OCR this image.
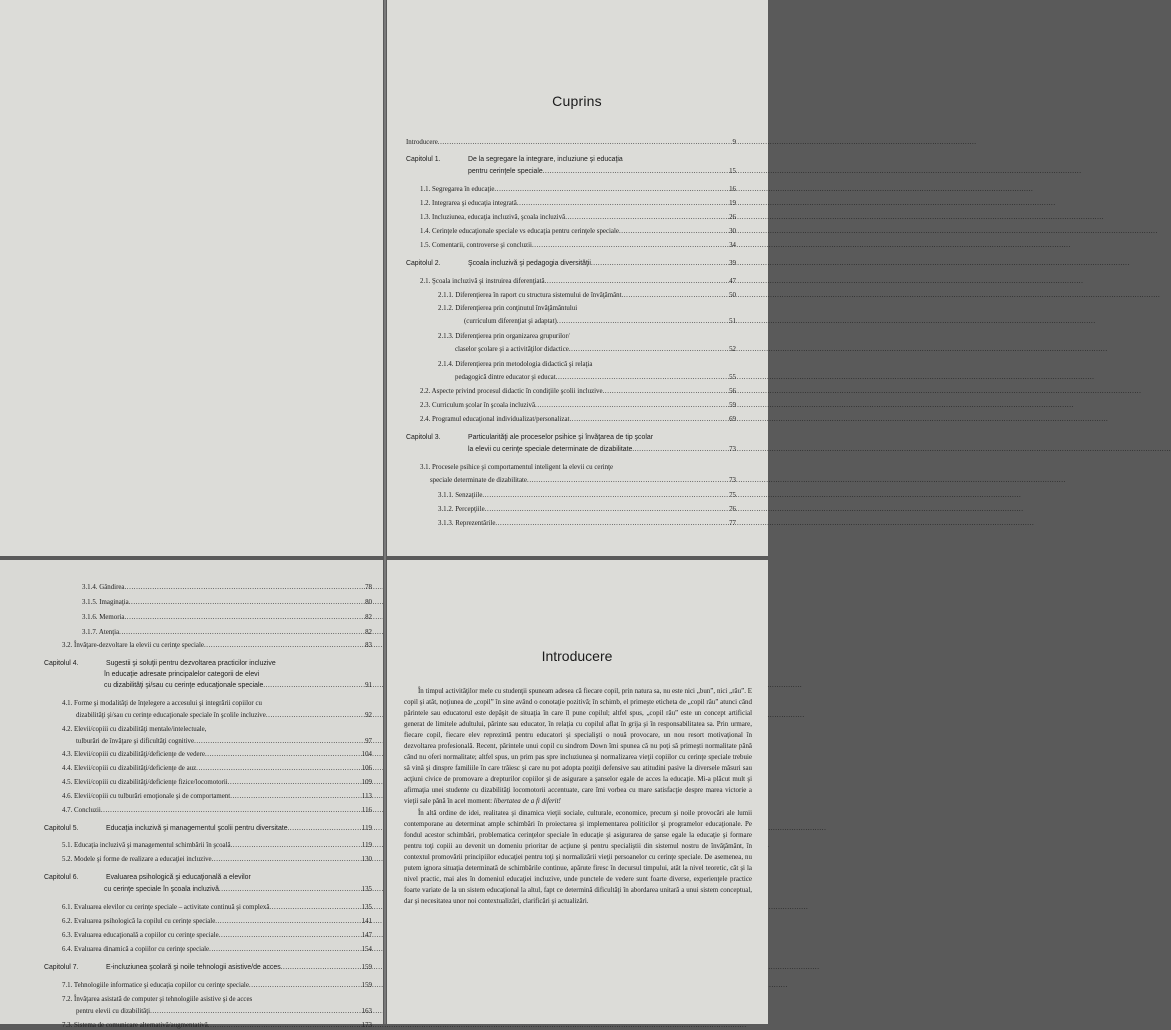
Cuprins
Introducere .....	9
Capitolul 1.	De la segregare la integrare, incluziune şi educaţia
pentru cerinţele speciale .....	15
1.1. Segregarea în educaţie .....	16
1.2. Integrarea şi educaţia integrată .....	19
1.3. Incluziunea, educaţia incluzivă, şcoala incluzivă .....	26
1.4. Cerinţele educaţionale speciale vs educaţia pentru cerinţele speciale .....	30
1.5. Comentarii, controverse şi concluzii .....	34
Capitolul 2.	Şcoala incluzivă şi pedagogia diversităţii .....	39
2.1. Şcoala incluzivă şi instruirea diferenţiată .....	47
2.1.1. Diferenţierea în raport cu structura sistemului de învăţământ .....	50
2.1.2. Diferenţierea prin conţinutul învăţământului
(curriculum diferenţiat şi adaptat) .....	51
2.1.3. Diferenţierea prin organizarea grupurilor/
claselor şcolare şi a activităţilor didactice .....	52
2.1.4. Diferenţierea prin metodologia didactică şi relaţia
pedagogică dintre educator şi educat .....	55
2.2. Aspecte privind procesul didactic în condiţiile şcolii incluzive .....	56
2.3. Curriculum şcolar în şcoala incluzivă .....	59
2.4. Programul educaţional individualizat/personalizat .....	69
Capitolul 3.	Particularităţi ale proceselor psihice şi învăţarea de tip şcolar
la elevii cu cerinţe speciale determinate de dizabilitate .....	73
3.1. Procesele psihice şi comportamentul inteligent la elevii cu cerinţe
speciale determinate de dizabilitate .....	73
3.1.1. Senzaţiile .....	75
3.1.2. Percepţiile .....	76
3.1.3. Reprezentările .....	77
3.1.4. Gândirea .....	78
3.1.5. Imaginaţia .....	80
3.1.6. Memoria .....	82
3.1.7. Atenţia .....	82
3.2. Învăţare-dezvoltare la elevii cu cerinţe speciale .....	83
Capitolul 4.	Sugestii şi soluţii pentru dezvoltarea practicilor incluzive
în educaţie adresate principalelor categorii de elevi
cu dizabilităţi şi/sau cu cerinţe educaţionale speciale .....	91
4.1. Forme şi modalităţi de înţelegere a accesului şi integrării copiilor cu
dizabilităţi şi/sau cu cerinţe educaţionale speciale în şcolile incluzive .....	92
4.2. Elevii/copiii cu dizabilităţi mentale/intelectuale,
tulburări de învăţare şi dificultăţi cognitive .....	97
4.3. Elevii/copiii cu dizabilităţi/deficienţe de vedere .....	104
4.4. Elevii/copiii cu dizabilităţi/deficienţe de auz .....	106
4.5. Elevii/copiii cu dizabilităţi/deficienţe fizice/locomotorii .....	109
4.6. Elevii/copiii cu tulburări emoţionale şi de comportament .....	113
4.7. Concluzii .....	116
Capitolul 5.	Educaţia incluzivă şi managementul şcolii pentru diversitate .....	119
5.1. Educaţia incluzivă şi managementul schimbării în şcoală .....	119
5.2. Modele şi forme de realizare a educaţiei incluzive .....	130
Capitolul 6.	Evaluarea psihologică şi educaţională a elevilor
cu cerinţe speciale în şcoala incluzivă .....	135
6.1. Evaluarea elevilor cu cerinţe speciale – activitate continuă şi complexă .....	135
6.2. Evaluarea psihologică la copilul cu cerinţe speciale .....	141
6.3. Evaluarea educaţională a copiilor cu cerinţe speciale .....	147
6.4. Evaluarea dinamică a copiilor cu cerinţe speciale .....	154
Capitolul 7.	E-incluziunea şcolară şi noile tehnologii asistive/de acces .....	159
7.1. Tehnologiile informatice şi educaţia copiilor cu cerinţe speciale .....	159
7.2. Învăţarea asistată de computer şi tehnologiile asistive şi de acces
pentru elevii cu dizabilităţi .....	163
7.3. Sistema de comunicare alternativă/augmentativă .....	173
Introducere

În timpul activităţilor mele cu studenţii spuneam adesea că fiecare copil, prin natura sa, nu este nici „bun”, nici „rău”. E copil şi atât, noţiunea de „copil” în sine având o conotaţie pozitivă; în schimb, el primeşte eticheta de „copil rău” atunci când părintele sau educatorul este depăşit de situaţia în care îl pune copilul; altfel spus, „copil rău” este un concept artificial generat de limitele adultului, părinte sau educator, în relaţia cu copilul aflat în grija şi în responsabilitatea sa. Prin urmare, fiecare copil, fiecare elev reprezintă pentru educatori şi specialişti o nouă provocare, un nou resort motivaţional în dezvoltarea profesională. Recent, părintele unui copil cu sindrom Down îmi spunea că nu poţi să primeşti normalitate până când nu oferi normalitate; altfel spus, un prim pas spre incluziunea şi normalizarea vieţii copiilor cu cerinţe speciale trebuie să vină şi dinspre familiile în care trăiesc şi care nu pot adopta poziţii defensive sau atitudini pasive la diversele măsuri sau acţiuni civice de promovare a drepturilor copiilor şi de asigurare a şanselor egale de acces la educaţie. Mi-a plăcut mult şi afirmaţia unei studente cu dizabilităţi locomotorii accentuate, care îmi vorbea cu mare satisfacţie despre marea victorie a vieţii sale până în acel moment: libertatea de a fi diferit!

În altă ordine de idei, realitatea şi dinamica vieţii sociale, culturale, economice, precum şi noile provocări ale lumii contemporane au determinat ample schimbări în proiectarea şi implementarea politicilor şi programelor educaţionale. Pe fondul acestor schimbări, problematica cerinţelor speciale în educaţie şi asigurarea de şanse egale la educaţie şi formare pentru toţi copiii au devenit un domeniu prioritar de acţiune şi pentru specialiştii din sistemul nostru de învăţământ, în contextul promovării principiilor educaţiei pentru toţi şi normalizării vieţii persoanelor cu cerinţe speciale. De asemenea, nu putem ignora situaţia determinată de schimbările continue, apărute firesc în decursul timpului, atât la nivel teoretic, cât şi la nivel practic, mai ales în domeniul educaţiei incluzive, unde punctele de vedere sunt foarte diverse, experienţele practice foarte variate de la un sistem educaţional la altul, fapt ce determină dificultăţi în abordarea unitară a unui sistem conceptual, dar şi necesitatea unor noi contextualizări, clarificări şi actualizări.
